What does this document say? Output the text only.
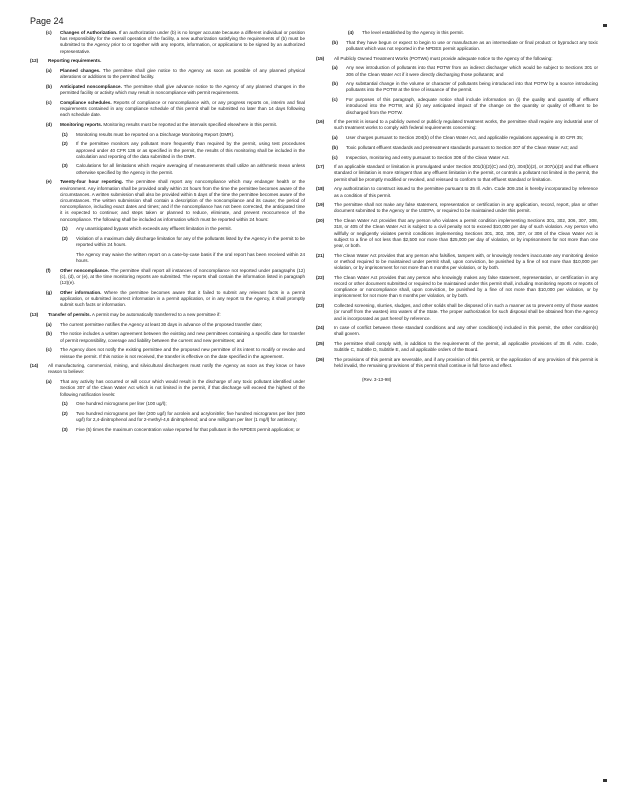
Page 24
(c) Changes of Authorization. If an authorization under (b) is no longer accurate because a different individual or position has responsibility for the overall operation of the facility, a new authorization satisfying the requirements of (b) must be submitted to the Agency prior to or together with any reports, information, or applications to be signed by an authorized representative.
(12) Reporting requirements.
(a) Planned changes. The permittee shall give notice to the Agency as soon as possible of any planned physical alterations or additions to the permitted facility.
(b) Anticipated noncompliance. The permittee shall give advance notice to the Agency of any planned changes in the permitted facility or activity which may result in noncompliance with permit requirements.
(c) Compliance schedules. Reports of compliance or noncompliance with, or any progress reports on, interim and final requirements contained in any compliance schedule of this permit shall be submitted no later than 14 days following each schedule date.
(d) Monitoring reports. Monitoring results must be reported at the intervals specified elsewhere in this permit.
(1) Monitoring results must be reported on a Discharge Monitoring Report (DMR).
(2) If the permittee monitors any pollutant more frequently than required by the permit, using test procedures approved under 40 CFR 136 or as specified in the permit, the results of this monitoring shall be included in the calculation and reporting of the data submitted in the DMR.
(3) Calculations for all limitations which require averaging of measurements shall utilize an arithmetic mean unless otherwise specified by the Agency in the permit.
(e) Twenty-four hour reporting. The permittee shall report any noncompliance which may endanger health or the environment. Any information shall be provided orally within 24 hours from the time the permittee becomes aware of the circumstances. A written submission shall also be provided within 5 days of the time the permittee becomes aware of the circumstances. The written submission shall contain a description of the noncompliance and its cause; the period of noncompliance, including exact dates and times; and if the noncompliance has not been corrected, the anticipated time it is expected to continue; and steps taken or planned to reduce, eliminate, and prevent reoccurrence of the noncompliance. The following shall be included as information which must be reported within 24 hours:
(1) Any unanticipated bypass which exceeds any effluent limitation in the permit.
(2) Violation of a maximum daily discharge limitation for any of the pollutants listed by the Agency in the permit to be reported within 24 hours.
The Agency may waive the written report on a case-by-case basis if the oral report has been received within 24 hours.
(f) Other noncompliance. The permittee shall report all instances of noncompliance not reported under paragraphs (12)(c), (d), or (e), at the time monitoring reports are submitted. The reports shall contain the information listed in paragraph (12)(e).
(g) Other information. Where the permittee becomes aware that it failed to submit any relevant facts in a permit application, or submitted incorrect information in a permit application, or in any report to the Agency, it shall promptly submit such facts or information.
(13) Transfer of permits. A permit may be automatically transferred to a new permittee if:
(a) The current permittee notifies the Agency at least 30 days in advance of the proposed transfer date;
(b) The notice includes a written agreement between the existing and new permittees containing a specific date for transfer of permit responsibility, coverage and liability between the current and new permittees; and
(c) The Agency does not notify the existing permittee and the proposed new permittee of its intent to modify or revoke and reissue the permit. If this notice is not received, the transfer is effective on the date specified in the agreement.
(14) All manufacturing, commercial, mining, and silvicultural dischargers must notify the Agency as soon as they know or have reason to believe:
(a) That any activity has occurred or will occur which would result in the discharge of any toxic pollutant identified under Section 307 of the Clean Water Act which is not limited in the permit, if that discharge will exceed the highest of the following notification levels:
(1) One hundred micrograms per liter (100 ug/l);
(2) Two hundred micrograms per liter (200 ug/l) for acrolein and acrylonitrile; five hundred micrograms per liter (500 ug/l) for 2,4-dinitrophenol and for 2-methyl-4,6 dinitrophenol; and one milligram per liter (1 mg/l) for antimony;
(3) Five (5) times the maximum concentration value reported for that pollutant in the NPDES permit application; or
(4) The level established by the Agency in this permit.
(b) That they have begun or expect to begin to use or manufacture as an intermediate or final product or byproduct any toxic pollutant which was not reported in the NPDES permit application.
(15) All Publicly Owned Treatment Works (POTWs) must provide adequate notice to the Agency of the following:
(a) Any new introduction of pollutants into that POTW from an indirect discharger which would be subject to Sections 301 or 306 of the Clean Water Act if it were directly discharging those pollutants; and
(b) Any substantial change in the volume or character of pollutants being introduced into that POTW by a source introducing pollutants into the POTW at the time of issuance of the permit.
(c) For purposes of this paragraph, adequate notice shall include information on (i) the quality and quantity of effluent introduced into the POTW, and (ii) any anticipated impact of the change on the quantity or quality of effluent to be discharged from the POTW.
(16) If the permit is issued to a publicly owned or publicly regulated treatment works, the permittee shall require any industrial user of such treatment works to comply with federal requirements concerning:
(a) User charges pursuant to Section 204(b) of the Clean Water Act, and applicable regulations appearing in 40 CFR 35;
(b) Toxic pollutant effluent standards and pretreatment standards pursuant to Section 307 of the Clean Water Act; and
(c) Inspection, monitoring and entry pursuant to Section 308 of the Clean Water Act.
(17) If an applicable standard or limitation is promulgated under Section 301(b)(2)(C) and (D), 304(b)(2), or 307(a)(2) and that effluent standard or limitation is more stringent than any effluent limitation in the permit, or controls a pollutant not limited in the permit, the permit shall be promptly modified or revoked, and reissued to conform to that effluent standard or limitation.
(18) Any authorization to construct issued to the permittee pursuant to 35 Ill. Adm. Code 309.154 is hereby incorporated by reference as a condition of this permit.
(19) The permittee shall not make any false statement, representation or certification in any application, record, report, plan or other document submitted to the Agency or the USEPA, or required to be maintained under this permit.
(20) The Clean Water Act provides that any person who violates a permit condition implementing Sections 301, 302, 306, 307, 308, 318, or 405 of the Clean Water Act is subject to a civil penalty not to exceed $10,000 per day of such violation. Any person who willfully or negligently violates permit conditions implementing Sections 301, 302, 306, 307, or 308 of the Clean Water Act is subject to a fine of not less than $2,500 nor more than $25,000 per day of violation, or by imprisonment for not more than one year, or both.
(21) The Clean Water Act provides that any person who falsifies, tampers with, or knowingly renders inaccurate any monitoring device or method required to be maintained under permit shall, upon conviction, be punished by a fine of not more than $10,000 per violation, or by imprisonment for not more than 6 months per violation, or by both.
(22) The Clean Water Act provides that any person who knowingly makes any false statement, representation, or certification in any record or other document submitted or required to be maintained under this permit shall, including monitoring reports or reports of compliance or noncompliance shall, upon conviction, be punished by a fine of not more than $10,000 per violation, or by imprisonment for not more than 6 months per violation, or by both.
(23) Collected screening, slurries, sludges, and other solids shall be disposed of in such a manner as to prevent entry of those wastes (or runoff from the wastes) into waters of the State. The proper authorization for such disposal shall be obtained from the Agency and is incorporated as part hereof by reference.
(24) In case of conflict between these standard conditions and any other condition(s) included in this permit, the other condition(s) shall govern.
(25) The permittee shall comply with, in addition to the requirements of the permit, all applicable provisions of 35 Ill. Adm. Code, Subtitle C, Subtitle D, Subtitle E, and all applicable orders of the Board.
(26) The provisions of this permit are severable, and if any provision of this permit, or the application of any provision of this permit is held invalid, the remaining provisions of this permit shall continue in full force and effect.
(Rev. 3-13-98)
